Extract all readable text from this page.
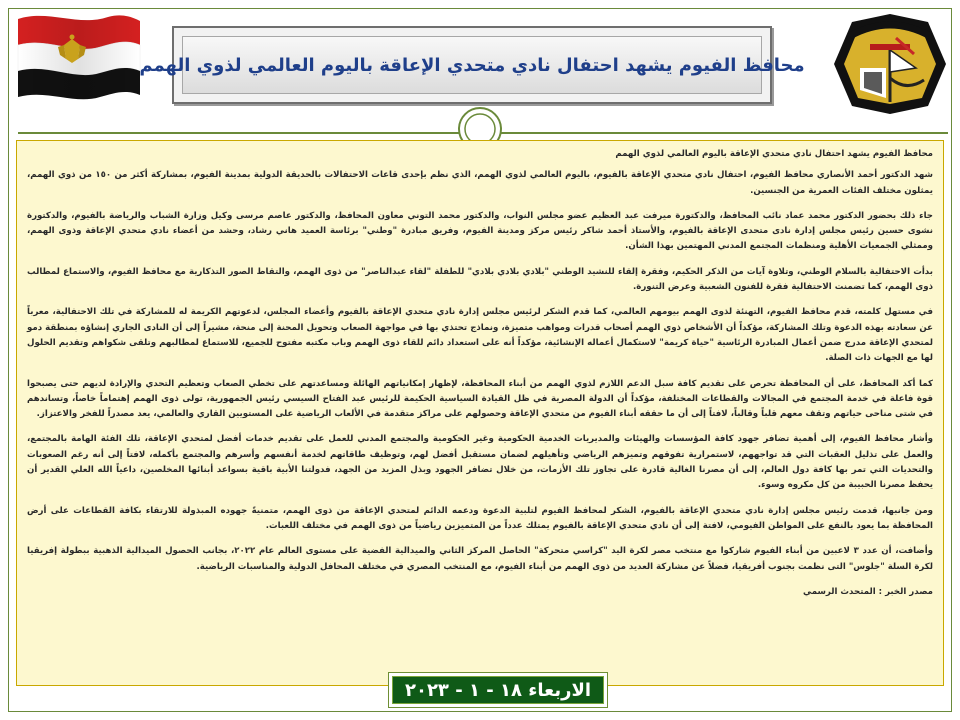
محافظ الفيوم يشهد احتفال نادي متحدي الإعاقة باليوم العالمي لذوي الهمم

محافظ الفيوم يشهد احتفال نادي متحدي الإعاقة باليوم العالمي لذوي الهمم

شهد الدكتور أحمد الأنصاري محافظ الفيوم، احتفال نادي متحدي الإعاقة بالفيوم، باليوم العالمي لذوي الهمم، الذي نظم بإحدى قاعات الاحتفالات بالحديقة الدولية بمدينة الفيوم، بمشاركة أكثر من ١٥٠ من ذوي الهمم، يمثلون مختلف الفئات العمرية من الجنسين.

جاء ذلك بحضور الدكتور محمد عماد نائب المحافظ، والدكتورة ميرفت عبد العظيم عضو مجلس النواب، والدكتور محمد التوني معاون المحافظ، والدكتور عاصم مرسى وكيل وزارة الشباب والرياضة بالفيوم، والدكتورة نشوى حسين رئيس مجلس إدارة نادى متحدى الإعاقة بالفيوم، والأستاذ أحمد شاكر رئيس مركز ومدينة الفيوم، وفريق مبادرة "وطني" برئاسة العميد هاني رشاد، وحشد من أعضاء نادي متحدي الإعاقة وذوى الهمم، وممثلي الجمعيات الأهلية ومنظمات المجتمع المدني المهتمين بهذا الشأن.

بدأت الاحتفالية بالسلام الوطني، وتلاوة آيات من الذكر الحكيم، وفقرة إلقاء للنشيد الوطني "بلادي بلادي بلادي" للطفلة "لقاء عبدالناصر" من ذوى الهمم، والتقاط الصور التذكارية مع محافظ الفيوم، والاستماع لمطالب ذوى الهمم، كما تضمنت الاحتفالية فقرة للفنون الشعبية وعرض التنورة.

في مستهل كلمته، قدم محافظ الفيوم، التهنئة لذوى الهمم بيومهم العالمي، كما قدم الشكر لرئيس مجلس إدارة نادي متحدي الإعاقة بالفيوم وأعضاء المجلس، لدعوتهم الكريمة له للمشاركة في تلك الاحتفالية، معرباً عن سعادته بهذه الدعوة وتلك المشاركة، مؤكداً أن الأشخاص ذوي الهمم أصحاب قدرات ومواهب متميزة، ونماذج تحتذي بها في مواجهة الصعاب وتحويل المحنة إلى منحة، مشيراً إلى أن النادى الجاري إنشاؤه بمنطقة دمو لمتحدي الإعاقة مدرج ضمن أعمال المبادرة الرئاسية "حياة كريمة" لاستكمال أعماله الإنشائية، مؤكداً أنه على استعداد دائم للقاء ذوى الهمم وباب مكتبه مفتوح للجميع، للاستماع لمطالبهم وتلقى شكواهم وتقديم الحلول لها مع الجهات ذات الصلة.

كما أكد المحافظ، على أن المحافظة تحرص على تقديم كافة سبل الدعم اللازم لذوي الهمم من أبناء المحافظة، لإظهار إمكانياتهم الهائلة ومساعدتهم على تخطي الصعاب وتعظيم التحدي والإرادة لديهم حتى يصبحوا قوة فاعلة في خدمة المجتمع في المجالات والقطاعات المختلفة، مؤكداً أن الدولة المصرية في ظل القيادة السياسية الحكيمة للرئيس عبد الفتاح السيسي رئيس الجمهورية، تولى ذوى الهمم إهتماماً خاصاً، وتساندهم في شتى مناحى حياتهم وتقف معهم قلباً وقالباً، لافتاً إلى أن ما حققه أبناء الفيوم من متحدي الإعاقة وحصولهم على مراكز متقدمة في الألعاب الرياضية على المستويين القاري والعالمي، يعد مصدراً للفخر والاعتزاز.

وأشار محافظ الفيوم، إلى أهمية تضافر جهود كافة المؤسسات والهيئات والمديريات الخدمية الحكومية وغير الحكومية والمجتمع المدني للعمل على تقديم خدمات أفضل لمتحدي الإعاقة، تلك الفئة الهامة بالمجتمع، والعمل على تذليل العقبات التي قد تواجههم، لاستمرارية تفوقهم وتميزهم الرياضي وتأهيلهم لضمان مستقبل أفضل لهم، وتوظيف طاقاتهم لخدمة أنفسهم وأسرهم والمجتمع بأكمله، لافتاً إلى أنه رغم الصعوبات والتحديات التي تمر بها كافة دول العالم، إلى أن مصرنا الغالية قادرة على تجاوز تلك الأزمات، من خلال تضافر الجهود وبذل المزيد من الجهد، فدولتنا الأبية باقية بسواعد أبنائها المخلصين، داعياً الله العلي القدير أن يحفظ مصرنا الحبيبة من كل مكروه وسوء.

ومن جانبها، قدمت رئيس مجلس إدارة نادي متحدي الإعاقة بالفيوم، الشكر لمحافظ الفيوم لتلبية الدعوة ودعمه الدائم لمتحدي الإعاقة من ذوى الهمم، متمنيةً جهوده المبذولة للارتقاء بكافة القطاعات على أرض المحافظة بما يعود بالنفع على المواطن الفيومي، لافتة إلى أن نادي متحدي الإعاقة بالفيوم يمتلك عدداً من المتميزين رياضياً من ذوى الهمم في مختلف اللعبات.

وأضافت، أن عدد ٣ لاعبين من أبناء الفيوم شاركوا مع منتخب مصر لكرة اليد "كراسي متحركة" الحاصل المركز الثاني والميدالية الفضية على مستوى العالم عام ٢٠٢٢، بجانب الحصول الميدالية الذهبية ببطولة إفريقيا لكرة السلة "جلوس" التى نظمت بجنوب أفريقيا، فضلاً عن مشاركة العديد من ذوى الهمم من أبناء الفيوم، مع المنتخب المصري في مختلف المحافل الدولية والمناسبات الرياضية.

مصدر الخبر : المتحدث الرسمي

الاربعاء ١٨ - ١ - ٢٠٢٣
